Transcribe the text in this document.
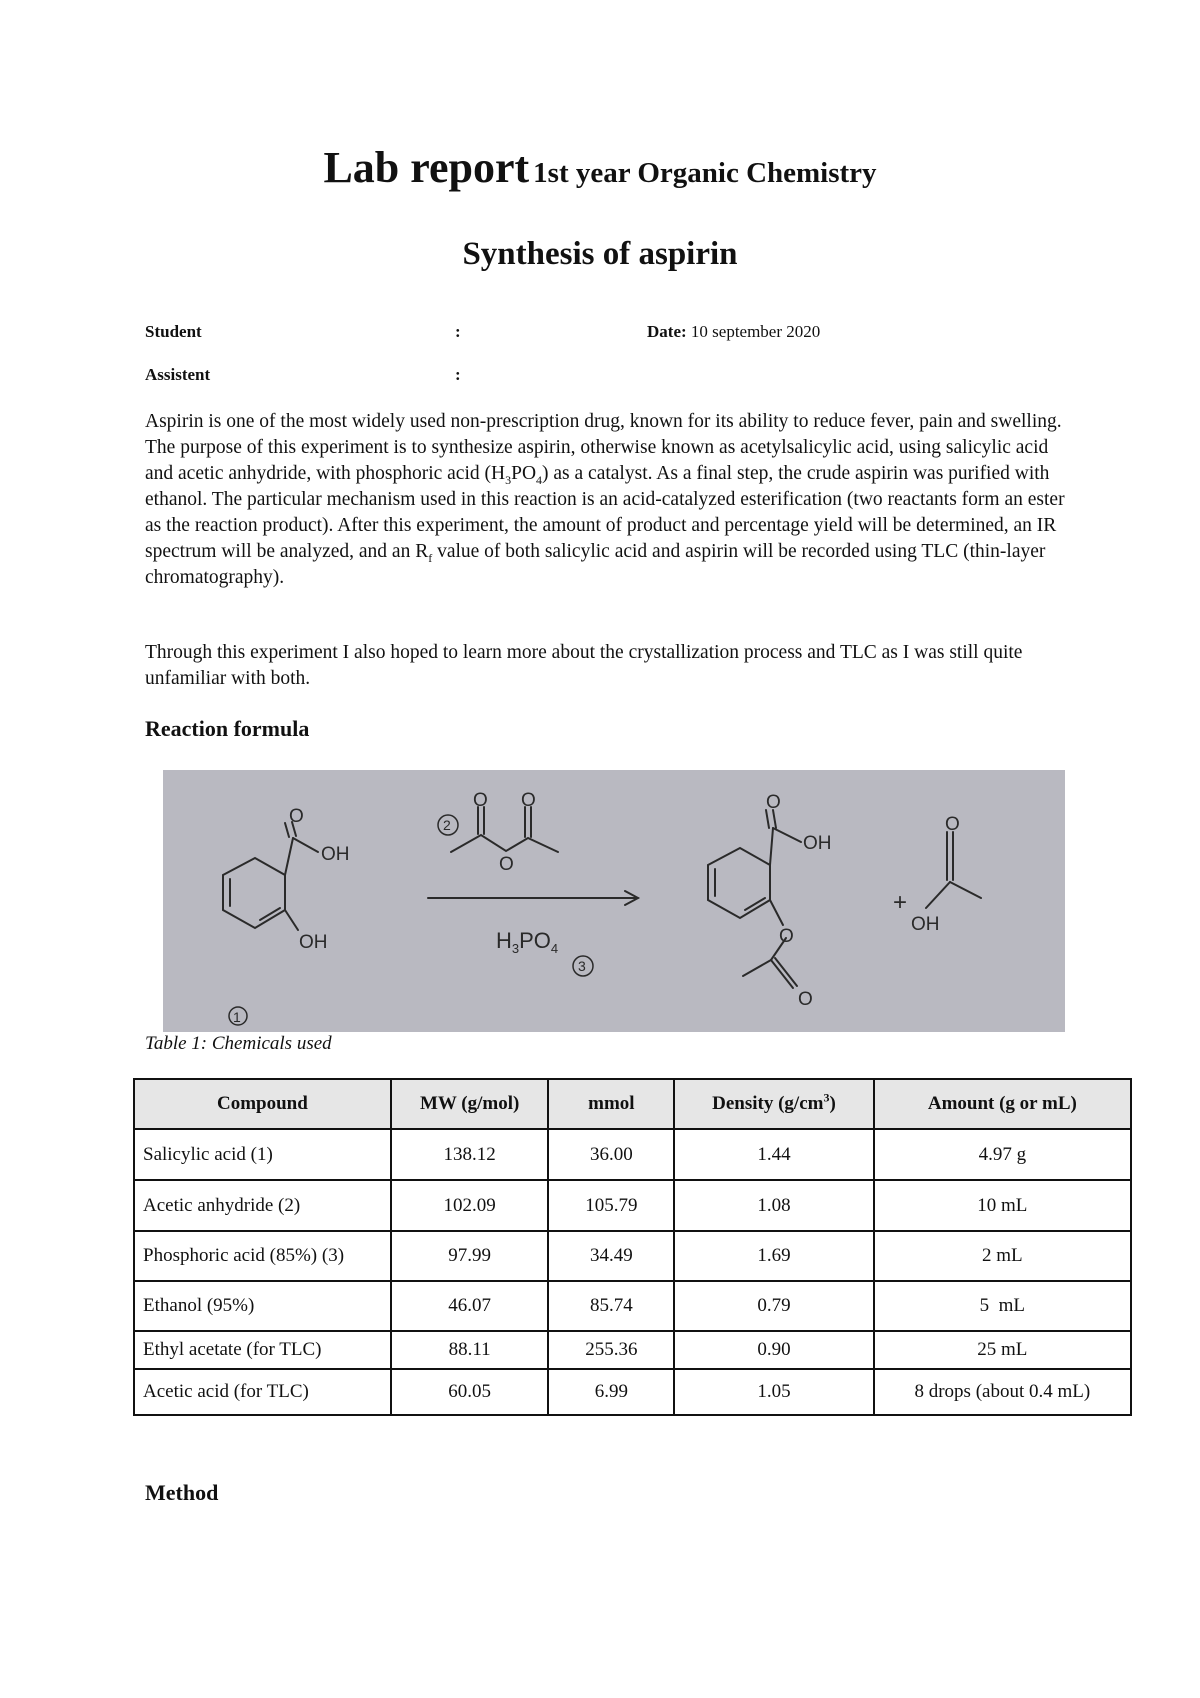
Lab report 1st year Organic Chemistry
Synthesis of aspirin
Student	:	Date: 10 september 2020
Assistent	:

Aspirin is one of the most widely used non-prescription drug, known for its ability to reduce fever, pain and swelling. The purpose of this experiment is to synthesize aspirin, otherwise known as acetylsalicylic acid, using salicylic acid and acetic anhydride, with phosphoric acid $(H_3PO_4)$ as a catalyst. As a final step, the crude aspirin was purified with ethanol. The particular mechanism used in this reaction is an acid-catalyzed esterification (two reactants form an ester as the reaction product). After this experiment, the amount of product and percentage yield will be determined, an IR spectrum will be analyzed, and an $R_f$ value of both salicylic acid and aspirin will be recorded using TLC (thin-layer chromatography).

Through this experiment I also hoped to learn more about the crystallization process and TLC as I was still quite unfamiliar with both.

Reaction formula
O
OH
OH
1
2
O O
O
$H_3PO_4$
3
O
OH
O
O
+
O
OH
Table 1: Chemicals used
Compound	MW (g/mol)	mmol	Density $(g/cm^3)$	Amount (g or mL)
Salicylic acid (1)	138.12	36.00	1.44	4.97 g
Acetic anhydride (2)	102.09	105.79	1.08	10 mL
Phosphoric acid (85%) (3)	97.99	34.49	1.69	2 mL
Ethanol (95%)	46.07	85.74	0.79	5  mL
Ethyl acetate (for TLC)	88.11	255.36	0.90	25 mL
Acetic acid (for TLC)	60.05	6.99	1.05	8 drops (about 0.4 mL)
Method
